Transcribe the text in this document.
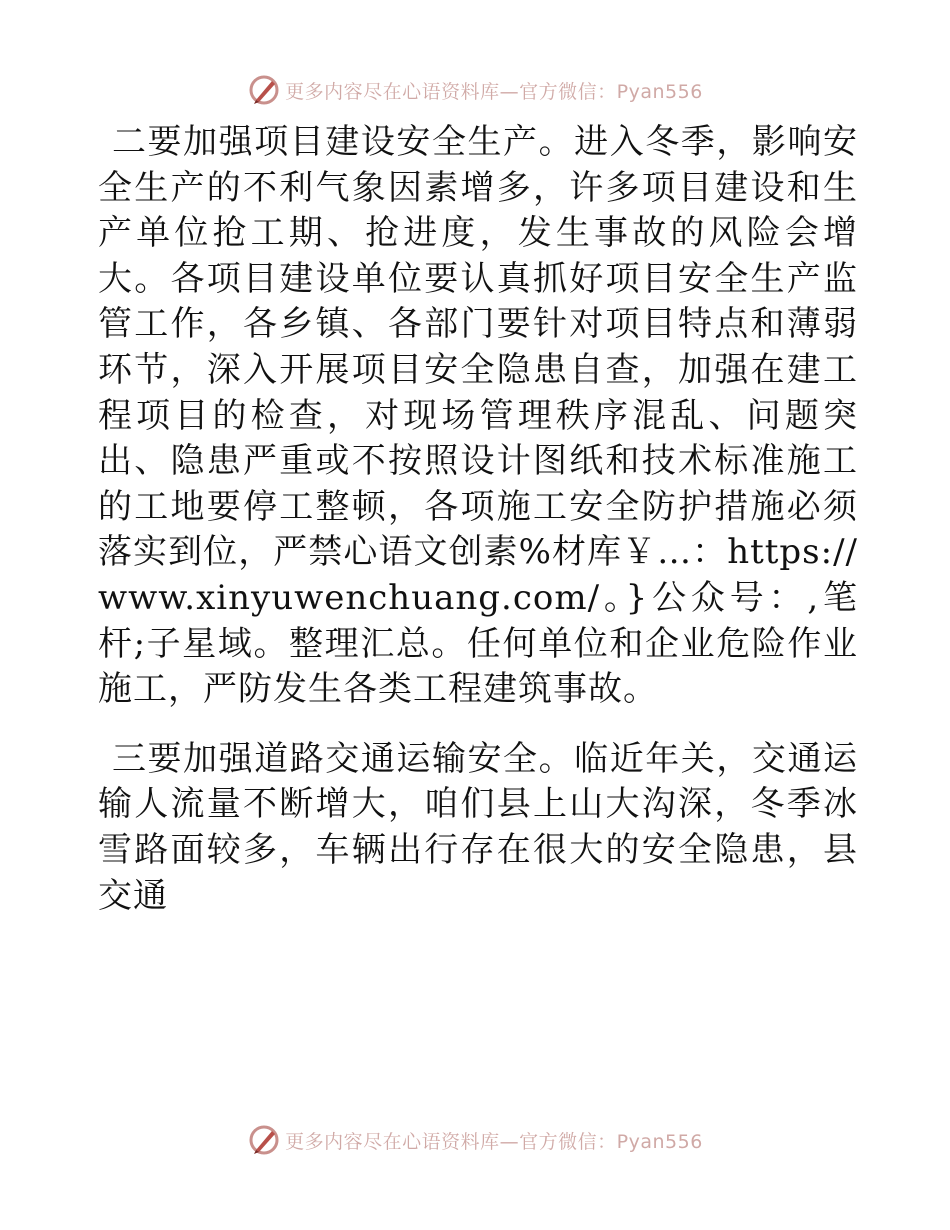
更多内容尽在心语资料库—官方微信：Pyan556

二要加强项目建设安全生产。进入冬季，影响安全生产的不利气象因素增多，许多项目建设和生产单位抢工期、抢进度，发生事故的风险会增大。各项目建设单位要认真抓好项目安全生产监管工作，各乡镇、各部门要针对项目特点和薄弱环节，深入开展项目安全隐患自查，加强在建工程项目的检查，对现场管理秩序混乱、问题突出、隐患严重或不按照设计图纸和技术标准施工的工地要停工整顿，各项施工安全防护措施必须落实到位，严禁心语文创素%材库￥…：https://www.xinyuwenchuang.com/。}公众号：,笔杆;子星域。整理汇总。任何单位和企业危险作业施工，严防发生各类工程建筑事故。

三要加强道路交通运输安全。临近年关，交通运输人流量不断增大，咱们县上山大沟深，冬季冰雪路面较多，车辆出行存在很大的安全隐患，县交通

更多内容尽在心语资料库—官方微信：Pyan556
